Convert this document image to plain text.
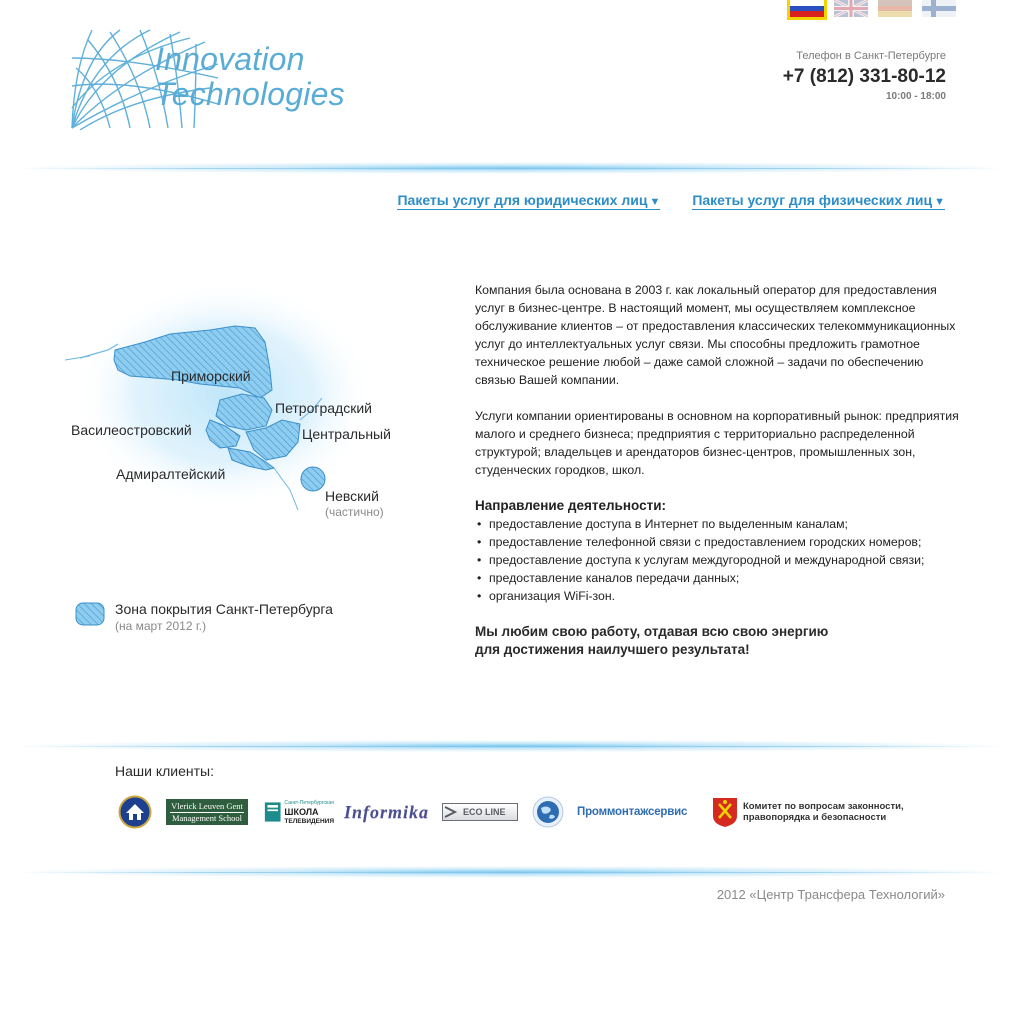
Innovation
Technologies
Телефон в Санкт-Петербурге
+7 (812) 331-80-12
10:00 - 18:00
Пакеты услуг для юридических лиц ▼ Пакеты услуг для физических лиц ▼
Приморский
Петроградский
Василеостровский	Центральный
Адмиралтейский
Невский
(частично)
Зона покрытия Санкт-Петербурга
(на март 2012 г.)

Компания была основана в 2003 г. как локальный оператор для предоставления услуг в бизнес-центре. В настоящий момент, мы осуществляем комплексное обслуживание клиентов – от предоставления классических телекоммуникационных услуг до интеллектуальных услуг связи. Мы способны предложить грамотное техническое решение любой – даже самой сложной – задачи по обеспечению связью Вашей компании.

Услуги компании ориентированы в основном на корпоративный рынок: предприятия малого и среднего бизнеса; предприятия с территориально распределенной структурой; владельцев и арендаторов бизнес-центров, промышленных зон, студенческих городков, школ.

Направление деятельности:
• предоставление доступа в Интернет по выделенным каналам;
• предоставление телефонной связи с предоставлением городских номеров;
• предоставление доступа к услугам междугородной и международной связи;
• предоставление каналов передачи данных;
• организация WiFi-зон.
Мы любим свою работу, отдавая всю свою энергию
для достижения наилучшего результата!
Наши клиенты:
Vlerick Leuven Gent
Management School
Санкт-Петербургская
ШКОЛА
ТЕЛЕВИДЕНИЯ Informika	ECO LINE	Проммонтажсервис	Комитет по вопросам законности,
правопорядка и безопасности
2012 «Центр Трансфера Технологий»
